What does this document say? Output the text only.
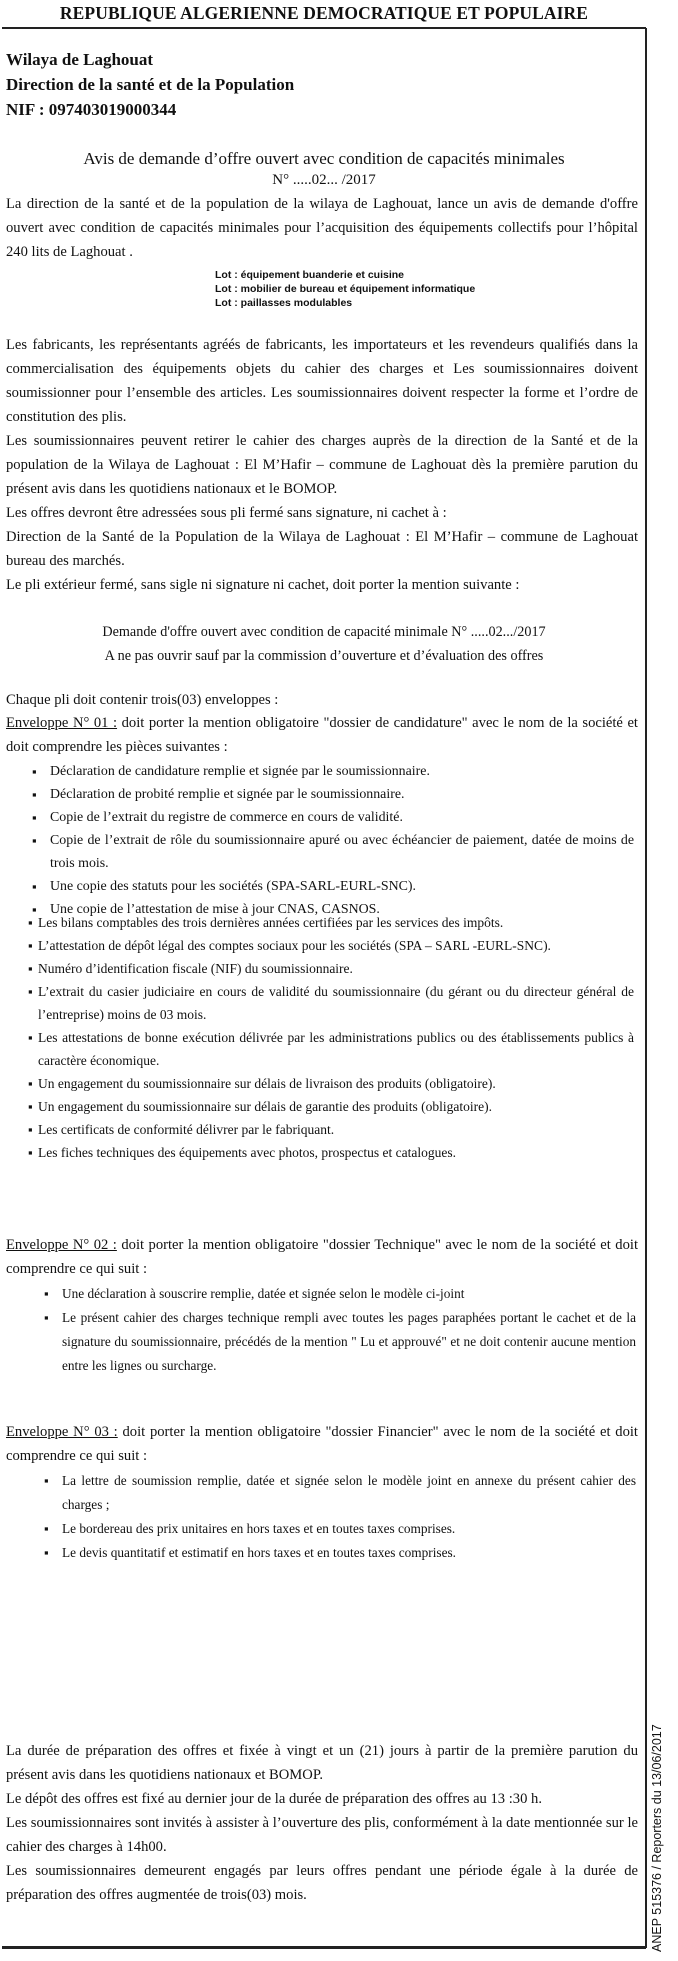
REPUBLIQUE ALGERIENNE DEMOCRATIQUE ET POPULAIRE
Wilaya de Laghouat
Direction de la santé et de la Population
NIF : 097403019000344
Avis de demande d’offre ouvert avec condition de capacités minimales
N° .....02... /2017

La direction de la santé et de la population de la wilaya de Laghouat, lance un avis de demande d'offre ouvert avec condition de capacités minimales pour l’acquisition des équipements collectifs pour l’hôpital 240 lits de Laghouat .

Lot : équipement buanderie et cuisine
Lot : mobilier de bureau et équipement informatique
Lot : paillasses modulables

Les fabricants, les représentants agréés de fabricants, les importateurs et les revendeurs qualifiés dans la commercialisation des équipements objets du cahier des charges et Les soumissionnaires doivent soumissionner pour l’ensemble des articles. Les soumissionnaires doivent respecter la forme et l’ordre de constitution des plis.

Les soumissionnaires peuvent retirer le cahier des charges auprès de la direction de la Santé et de la population de la Wilaya de Laghouat : El M’Hafir – commune de Laghouat dès la première parution du présent avis dans les quotidiens nationaux et le BOMOP.

Les offres devront être adressées sous pli fermé sans signature, ni cachet à :

Direction de la Santé de la Population de la Wilaya de Laghouat : El M’Hafir – commune de Laghouat bureau des marchés.

Le pli extérieur fermé, sans sigle ni signature ni cachet, doit porter la mention suivante :

Demande d'offre ouvert avec condition de capacité minimale N° .....02.../2017
A ne pas ouvrir sauf par la commission d’ouverture et d’évaluation des offres

Chaque pli doit contenir trois(03) enveloppes :

Enveloppe N° 01 : doit porter la mention obligatoire "dossier de candidature" avec le nom de la société et doit comprendre les pièces suivantes :

▪ Déclaration de candidature remplie et signée par le soumissionnaire.
▪ Déclaration de probité remplie et signée par le soumissionnaire.
▪ Copie de l’extrait du registre de commerce en cours de validité.
▪ Copie de l’extrait de rôle du soumissionnaire apuré ou avec échéancier de paiement, datée de moins de trois mois.
▪ Une copie des statuts pour les sociétés (SPA-SARL-EURL-SNC).
▪ Une copie de l’attestation de mise à jour CNAS, CASNOS.
▪ Les bilans comptables des trois dernières années certifiées par les services des impôts.
▪ L’attestation de dépôt légal des comptes sociaux pour les sociétés (SPA – SARL -EURL-SNC).
▪ Numéro d’identification fiscale (NIF) du soumissionnaire.
▪ L’extrait du casier judiciaire en cours de validité du soumissionnaire (du gérant ou du directeur général de l’entreprise) moins de 03 mois.
▪ Les attestations de bonne exécution délivrée par les administrations publics ou des établissements publics à caractère économique.
▪ Un engagement du soumissionnaire sur délais de livraison des produits (obligatoire).
▪ Un engagement du soumissionnaire sur délais de garantie des produits (obligatoire).
▪ Les certificats de conformité délivrer par le fabriquant.
▪ Les fiches techniques des équipements avec photos, prospectus et catalogues.

Enveloppe N° 02 : doit porter la mention obligatoire "dossier Technique" avec le nom de la société et doit comprendre ce qui suit :

▪ Une déclaration à souscrire remplie, datée et signée selon le modèle ci-joint
▪ Le présent cahier des charges technique rempli avec toutes les pages paraphées portant le cachet et de la signature du soumissionnaire, précédés de la mention " Lu et approuvé" et ne doit contenir aucune mention entre les lignes ou surcharge.

Enveloppe N° 03 : doit porter la mention obligatoire "dossier Financier" avec le nom de la société et doit comprendre ce qui suit :

▪ La lettre de soumission remplie, datée et signée selon le modèle joint en annexe du présent cahier des charges ;
▪ Le bordereau des prix unitaires en hors taxes et en toutes taxes comprises.
▪ Le devis quantitatif et estimatif en hors taxes et en toutes taxes comprises.

La durée de préparation des offres et fixée à vingt et un (21) jours à partir de la première parution du présent avis dans les quotidiens nationaux et BOMOP.

Le dépôt des offres est fixé au dernier jour de la durée de préparation des offres au 13 :30 h.

Les soumissionnaires sont invités à assister à l’ouverture des plis, conformément à la date mentionnée sur le cahier des charges à 14h00.

Les soumissionnaires demeurent engagés par leurs offres pendant une période égale à la durée de préparation des offres augmentée de trois(03) mois.	ANEP 515376 / Reporters du 13/06/2017
